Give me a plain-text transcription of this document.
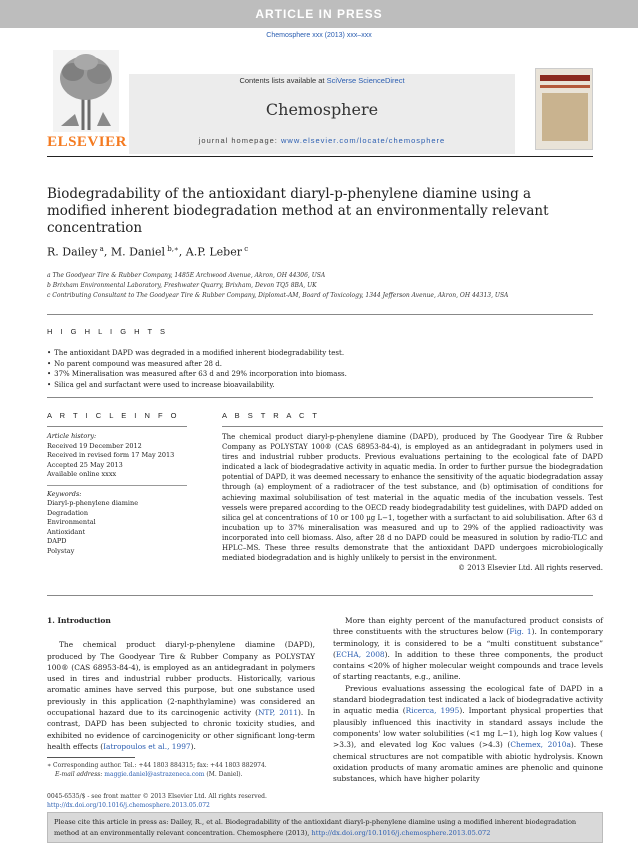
ARTICLE IN PRESS
Chemosphere xxx (2013) xxx–xxx
ELSEVIER
Contents lists available at SciVerse ScienceDirect
Chemosphere
journal homepage: www.elsevier.com/locate/chemosphere
Biodegradability of the antioxidant diaryl-p-phenylene diamine using a modified inherent biodegradation method at an environmentally relevant concentration
R. Dailey  $^a$, M. Daniel  $^{b,∗}$, A.P. Leber  $^c$
a The Goodyear Tire & Rubber Company, 1485E Archwood Avenue, Akron, OH 44306, USA
b Brixham Environmental Laboratory, Freshwater Quarry, Brixham, Devon TQ5 8BA, UK
c Contributing Consultant to The Goodyear Tire & Rubber Company, Diplomat-AM, Board of Toxicology, 1344 Jefferson Avenue, Akron, OH 44313, USA
H I G H L I G H T S
• The antioxidant DAPD was degraded in a modified inherent biodegradability test.
• No parent compound was measured after 28 d.
• 37% Mineralisation was measured after 63 d and 29% incorporation into biomass.
• Silica gel and surfactant were used to increase bioavailability.
A R T I C L E I N F O	A B S T R A C T
Article history:
Received 19 December 2012
Received in revised form 17 May 2013
Accepted 25 May 2013
Available online xxxx
Keywords:
Diaryl-p-phenylene diamine
Degradation
Environmental
Antioxidant
DAPD
Polystay
The chemical product diaryl-p-phenylene diamine (DAPD), produced by The Goodyear Tire & Rubber Company as POLYSTAY 100® (CAS 68953-84-4), is employed as an antidegradant in polymers used in tires and industrial rubber products. Previous evaluations pertaining to the ecological fate of DAPD indicated a lack of biodegradative activity in aquatic media. In order to further pursue the biodegradation potential of DAPD, it was deemed necessary to enhance the sensitivity of the aquatic biodegradation assay through (a) employment of a radiotracer of the test substance, and (b) optimisation of conditions for achieving maximal solubilisation of test material in the aquatic media of the incubation vessels. Test vessels were prepared according to the OECD ready biodegradability test guidelines, with DAPD added on silica gel at concentrations of 10 or 100 µg L−1, together with a surfactant to aid solubilisation. After 63 d incubation up to 37% mineralisation was measured and up to 29% of the applied radioactivity was incorporated into cell biomass. Also, after 28 d no DAPD could be measured in solution by radio-TLC and HPLC–MS. These three results demonstrate that the antioxidant DAPD undergoes microbiologically mediated biodegradation and is highly unlikely to persist in the environment.
© 2013 Elsevier Ltd. All rights reserved.
1. Introduction

The chemical product diaryl-p-phenylene diamine (DAPD), produced by The Goodyear Tire & Rubber Company as POLYSTAY 100® (CAS 68953-84-4), is employed as an antidegradant in polymers used in tires and industrial rubber products. Historically, various aromatic amines have served this purpose, but one substance used previously in this application (2-naphthylamine) was considered an occupational hazard due to its carcinogenic activity (NTP, 2011). In contrast, DAPD has been subjected to chronic toxicity studies, and exhibited no evidence of carcinogenicity or other significant long-term health effects (Iatropoulos et al., 1997).

More than eighty percent of the manufactured product consists of three constituents with the structures below (Fig. 1). In contemporary terminology, it is considered to be a “multi constituent substance” (ECHA, 2008). In addition to these three components, the product contains <20% of higher molecular weight compounds and trace levels of starting reactants, e.g., aniline.

Previous evaluations assessing the ecological fate of DAPD in a standard biodegradation test indicated a lack of biodegradative activity in aquatic media (Ricerca, 1995). Important physical properties that plausibly influenced this inactivity in standard assays include the components' low water solubilities (<1 mg L−1), high log Kow values ( >3.3), and elevated log Koc values (>4.3) (Chemex, 2010a). These chemical structures are not compatible with abiotic hydrolysis. Known oxidation products of many aromatic amines are phenolic and quinone substances, which have higher polarity

∗ Corresponding author. Tel.: +44 1803 884315; fax: +44 1803 882974.
E-mail address: maggie.daniel@astrazeneca.com (M. Daniel).
0045-6535/$ - see front matter © 2013 Elsevier Ltd. All rights reserved.
http://dx.doi.org/10.1016/j.chemosphere.2013.05.072
Please cite this article in press as: Dailey, R., et al. Biodegradability of the antioxidant diaryl-p-phenylene diamine using a modified inherent biodegradation method at an environmentally relevant concentration. Chemosphere (2013), http://dx.doi.org/10.1016/j.chemosphere.2013.05.072
